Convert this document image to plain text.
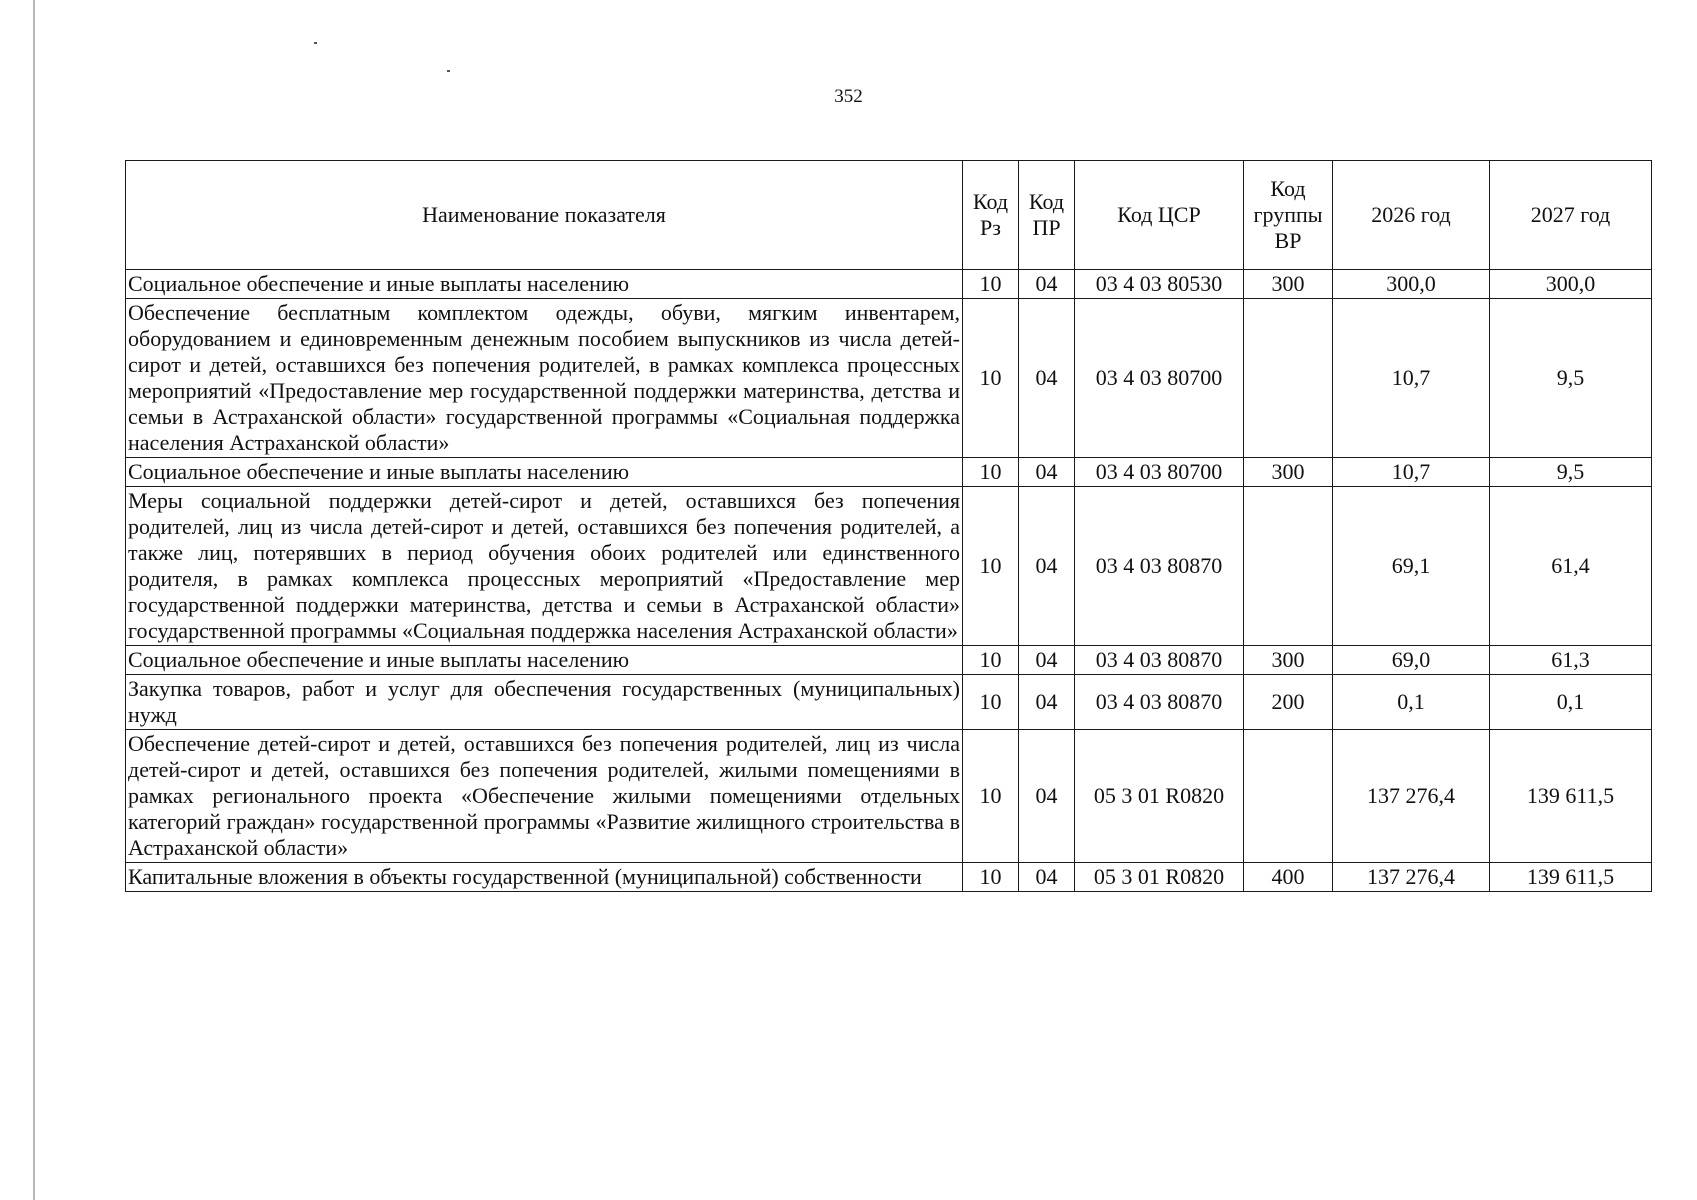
352
Наименование показателя	Код Рз	Код ПР	Код ЦСР	Код группы ВР	2026 год	2027 год
Социальное обеспечение и иные выплаты населению	10	04	03 4 03 80530	300	300,0	300,0
Обеспечение бесплатным комплектом одежды, обуви, мягким инвентарем, оборудованием и единовременным денежным пособием выпускников из числа детей-сирот и детей, оставшихся без попечения родителей, в рамках комплекса процессных мероприятий «Предоставление мер государственной поддержки материнства, детства и семьи в Астраханской области» государственной программы «Социальная поддержка населения Астраханской области»	10	04	03 4 03 80700		10,7	9,5
Социальное обеспечение и иные выплаты населению	10	04	03 4 03 80700	300	10,7	9,5
Меры социальной поддержки детей-сирот и детей, оставшихся без попечения родителей, лиц из числа детей-сирот и детей, оставшихся без попечения родителей, а также лиц, потерявших в период обучения обоих родителей или единственного родителя, в рамках комплекса процессных мероприятий «Предоставление мер государственной поддержки материнства, детства и семьи в Астраханской области» государственной программы «Социальная поддержка населения Астраханской области»	10	04	03 4 03 80870		69,1	61,4
Социальное обеспечение и иные выплаты населению	10	04	03 4 03 80870	300	69,0	61,3
Закупка товаров, работ и услуг для обеспечения государственных (муниципальных) нужд	10	04	03 4 03 80870	200	0,1	0,1
Обеспечение детей-сирот и детей, оставшихся без попечения родителей, лиц из числа детей-сирот и детей, оставшихся без попечения родителей, жилыми помещениями в рамках регионального проекта «Обеспечение жилыми помещениями отдельных категорий граждан» государственной программы «Развитие жилищного строительства в Астраханской области»	10	04	05 3 01 R0820		137 276,4	139 611,5
Капитальные вложения в объекты государственной (муниципальной) собственности	10	04	05 3 01 R0820	400	137 276,4	139 611,5
